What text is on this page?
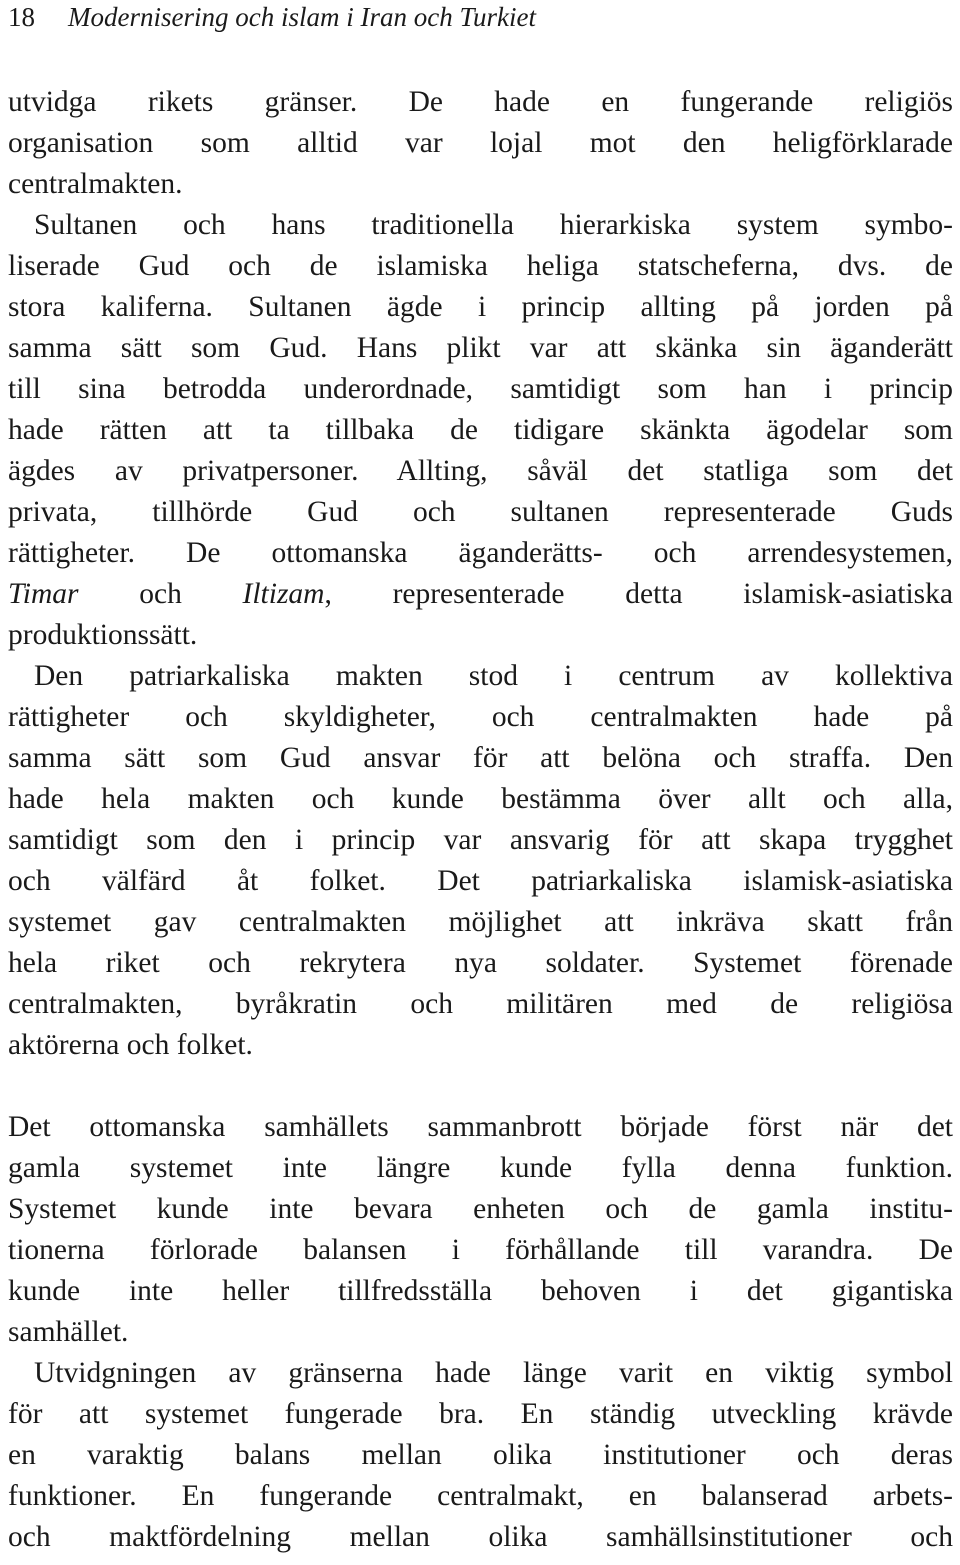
18 Modernisering och islam i Iran och Turkiet
utvidga rikets gränser. De hade en fungerande religiös
organisation som alltid var lojal mot den heligförklarade
centralmakten.
Sultanen och hans traditionella hierarkiska system symbo-
liserade Gud och de islamiska heliga statscheferna, dvs. de
stora kaliferna. Sultanen ägde i princip allting på jorden på
samma sätt som Gud. Hans plikt var att skänka sin äganderätt
till sina betrodda underordnade, samtidigt som han i princip
hade rätten att ta tillbaka de tidigare skänkta ägodelar som
ägdes av privatpersoner. Allting, såväl det statliga som det
privata, tillhörde Gud och sultanen representerade Guds
rättigheter. De ottomanska äganderätts- och arrendesystemen,
Timar och Iltizam, representerade detta islamisk-asiatiska
produktionssätt.
Den patriarkaliska makten stod i centrum av kollektiva
rättigheter och skyldigheter, och centralmakten hade på
samma sätt som Gud ansvar för att belöna och straffa. Den
hade hela makten och kunde bestämma över allt och alla,
samtidigt som den i princip var ansvarig för att skapa trygghet
och välfärd åt folket. Det patriarkaliska islamisk-asiatiska
systemet gav centralmakten möjlighet att inkräva skatt från
hela riket och rekrytera nya soldater. Systemet förenade
centralmakten, byråkratin och militären med de religiösa
aktörerna och folket.
Det ottomanska samhällets sammanbrott började först när det
gamla systemet inte längre kunde fylla denna funktion.
Systemet kunde inte bevara enheten och de gamla institu-
tionerna förlorade balansen i förhållande till varandra. De
kunde inte heller tillfredsställa behoven i det gigantiska
samhället.
Utvidgningen av gränserna hade länge varit en viktig symbol
för att systemet fungerade bra. En ständig utveckling krävde
en varaktig balans mellan olika institutioner och deras
funktioner. En fungerande centralmakt, en balanserad arbets-
och maktfördelning mellan olika samhällsinstitutioner och
